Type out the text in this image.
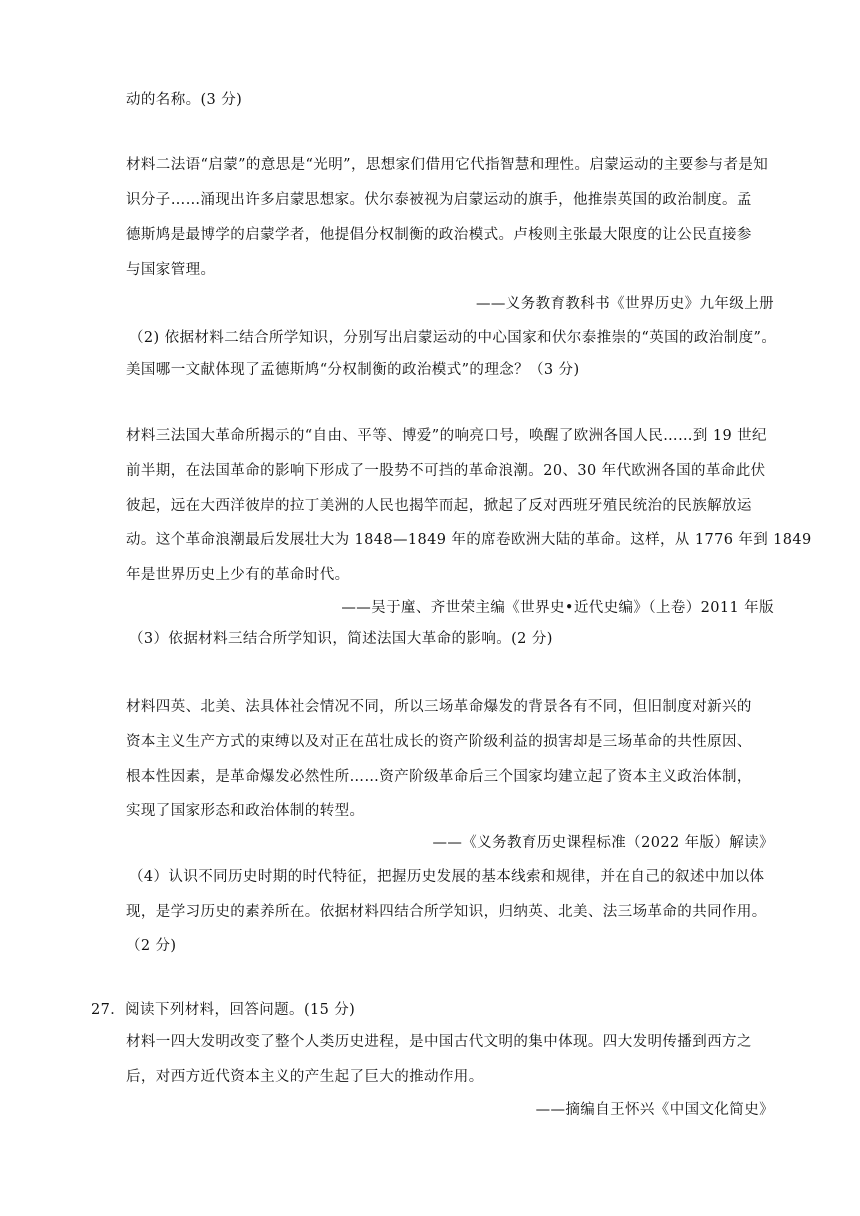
动的名称。(3 分)
材料二法语“启蒙”的意思是“光明”，思想家们借用它代指智慧和理性。启蒙运动的主要参与者是知
识分子……涌现出许多启蒙思想家。伏尔泰被视为启蒙运动的旗手，他推崇英国的政治制度。孟
德斯鸠是最博学的启蒙学者，他提倡分权制衡的政治模式。卢梭则主张最大限度的让公民直接参
与国家管理。
——义务教育教科书《世界历史》九年级上册
（2) 依据材料二结合所学知识，分别写出启蒙运动的中心国家和伏尔泰推崇的“英国的政治制度”。
美国哪一文献体现了孟德斯鸠“分权制衡的政治模式”的理念？（3 分)
材料三法国大革命所揭示的“自由、平等、博爱”的响亮口号，唤醒了欧洲各国人民……到 19 世纪
前半期，在法国革命的影响下形成了一股势不可挡的革命浪潮。20、30 年代欧洲各国的革命此伏
彼起，远在大西洋彼岸的拉丁美洲的人民也揭竿而起，掀起了反对西班牙殖民统治的民族解放运
动。这个革命浪潮最后发展壮大为 1848—1849 年的席卷欧洲大陆的革命。这样，从 1776 年到 1849
年是世界历史上少有的革命时代。
——吴于廑、齐世荣主编《世界史•近代史编》（上卷）2011 年版
（3）依据材料三结合所学知识，简述法国大革命的影响。(2 分)
材料四英、北美、法具体社会情况不同，所以三场革命爆发的背景各有不同，但旧制度对新兴的
资本主义生产方式的束缚以及对正在茁壮成长的资产阶级利益的损害却是三场革命的共性原因、
根本性因素，是革命爆发必然性所……资产阶级革命后三个国家均建立起了资本主义政治体制，
实现了国家形态和政治体制的转型。
——《义务教育历史课程标准（2022 年版）解读》
（4）认识不同历史时期的时代特征，把握历史发展的基本线索和规律，并在自己的叙述中加以体
现，是学习历史的素养所在。依据材料四结合所学知识，归纳英、北美、法三场革命的共同作用。
（2 分)
27．阅读下列材料，回答问题。(15 分)
材料一四大发明改变了整个人类历史进程，是中国古代文明的集中体现。四大发明传播到西方之
后，对西方近代资本主义的产生起了巨大的推动作用。
——摘编自王怀兴《中国文化简史》
